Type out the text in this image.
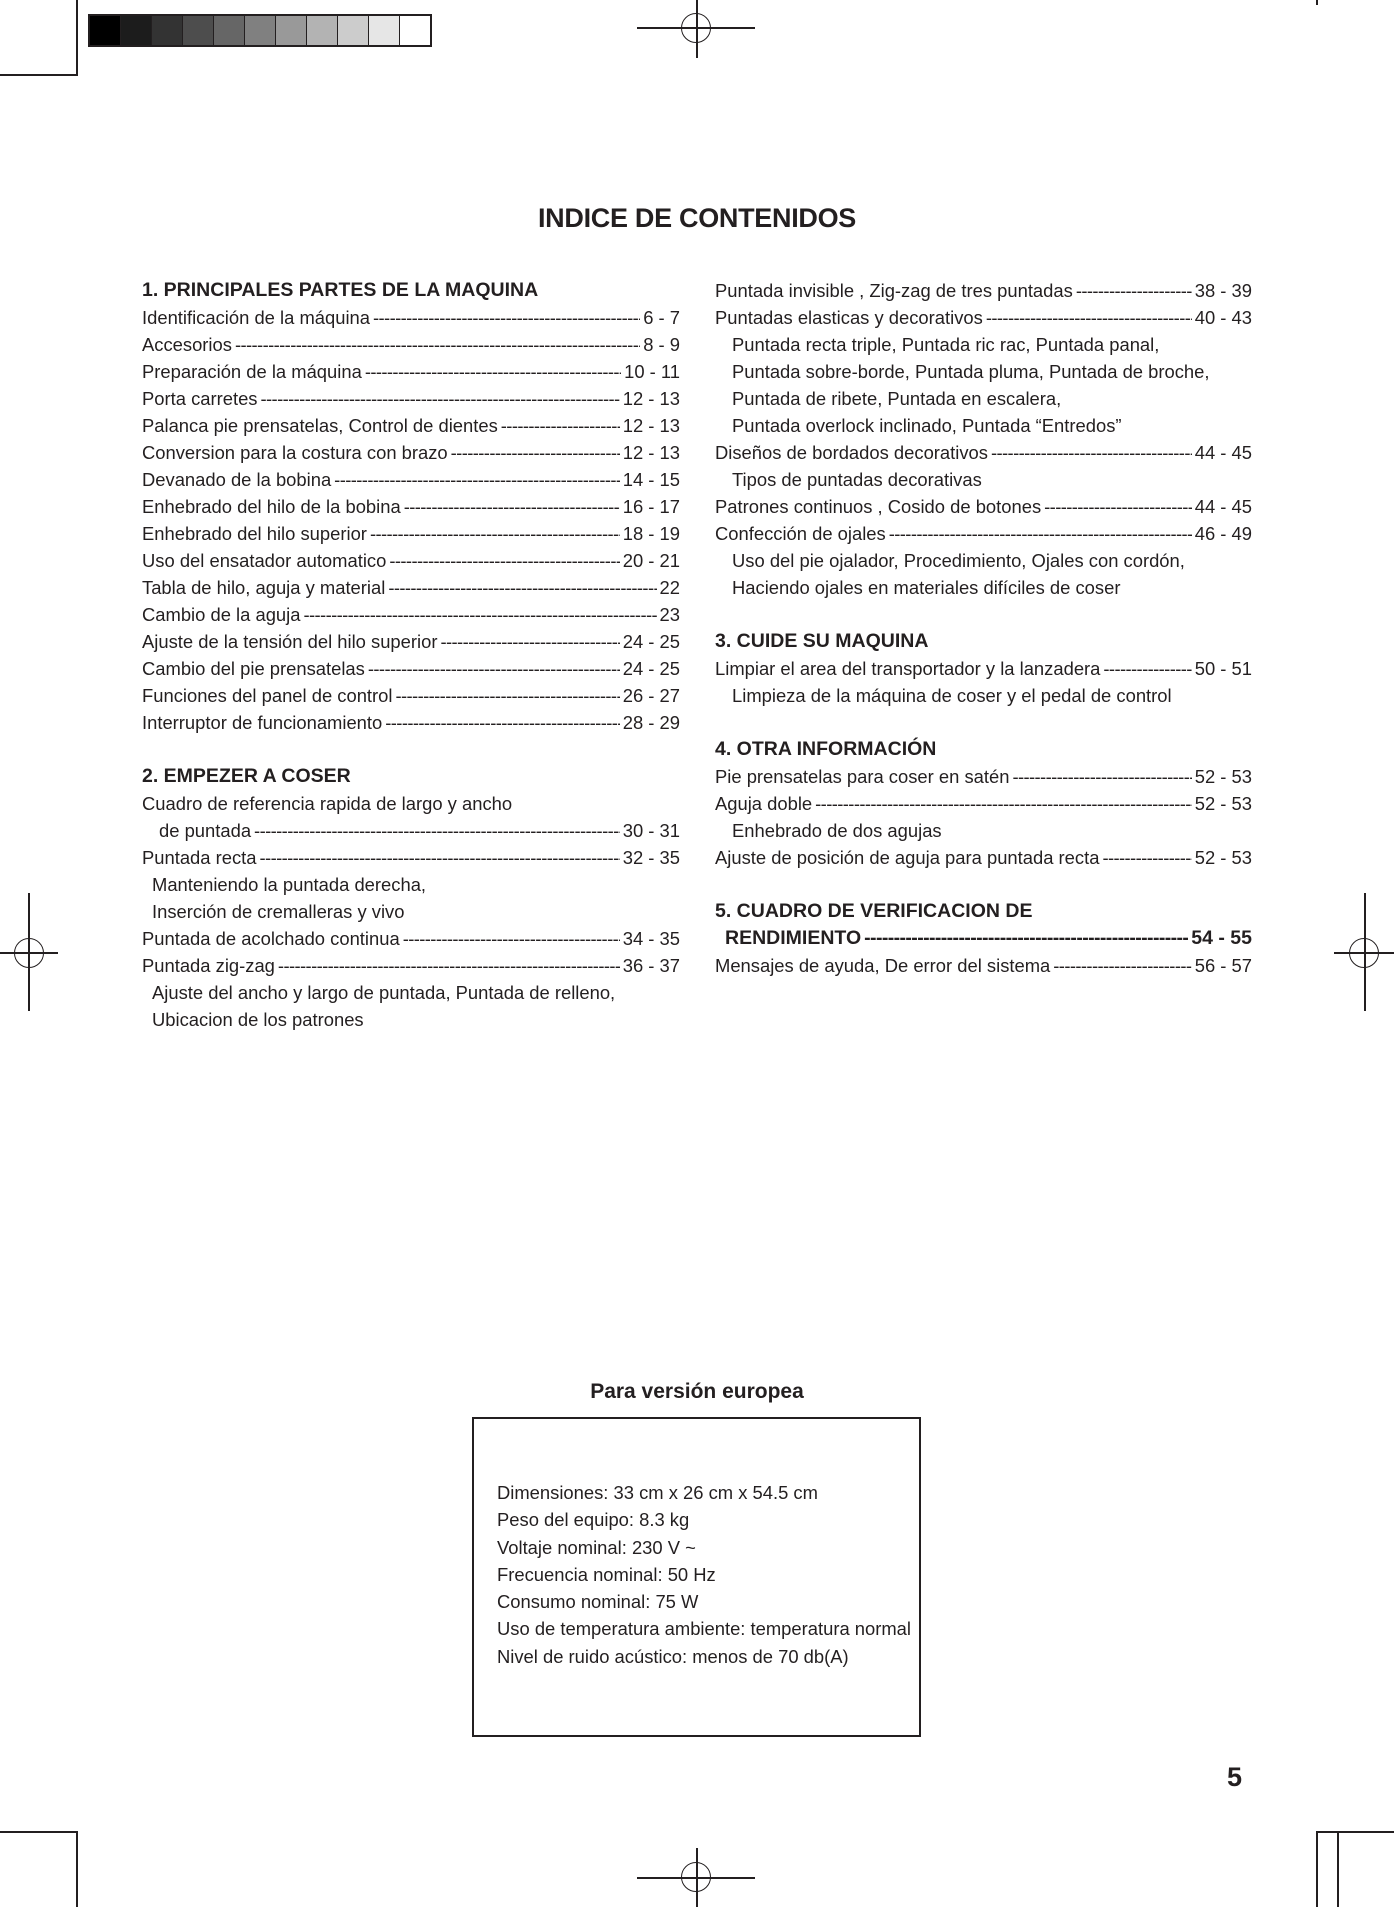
INDICE DE CONTENIDOS
1. PRINCIPALES PARTES DE LA MAQUINA
Identificación de la máquina -----	6 - 7
Accesorios -----	8 - 9
Preparación de la máquina -----	10 - 11
Porta carretes -----	12 - 13
Palanca pie prensatelas, Control de dientes -----	12 - 13
Conversion para la costura con brazo -----	12 - 13
Devanado de la bobina -----	14 - 15
Enhebrado del hilo de la bobina -----	16 - 17
Enhebrado del hilo superior -----	18 - 19
Uso del ensatador automatico -----	20 - 21
Tabla de hilo, aguja y material -----	22
Cambio de la aguja -----	23
Ajuste de la tensión del hilo superior -----	24 - 25
Cambio del pie prensatelas -----	24 - 25
Funciones del panel de control -----	26 - 27
Interruptor de funcionamiento -----	28 - 29
2. EMPEZER A COSER
Cuadro de referencia rapida de largo y ancho
de puntada -----	30 - 31
Puntada recta -----	32 - 35
Manteniendo la puntada derecha,
Inserción de cremalleras y vivo
Puntada de acolchado continua -----	34 - 35
Puntada zig-zag -----	36 - 37
Ajuste del ancho y largo de puntada, Puntada de relleno,
Ubicacion de los patrones
Puntada invisible , Zig-zag de tres puntadas -----	38 - 39
Puntadas elasticas y decorativos -----	40 - 43
Puntada recta triple, Puntada ric rac, Puntada panal,
Puntada sobre-borde, Puntada pluma, Puntada de broche,
Puntada de ribete, Puntada en escalera,
Puntada overlock inclinado, Puntada “Entredos”
Diseños de bordados decorativos -----	44 - 45
Tipos de puntadas decorativas
Patrones continuos , Cosido de botones -----	44 - 45
Confección de ojales -----	46 - 49
Uso del pie ojalador, Procedimiento, Ojales con cordón,
Haciendo ojales en materiales difíciles de coser
3. CUIDE SU MAQUINA
Limpiar el area del transportador y la lanzadera -----	50 - 51
Limpieza de la máquina de coser y el pedal de control
4. OTRA INFORMACIÓN
Pie prensatelas para coser en satén -----	52 - 53
Aguja doble -----	52 - 53
Enhebrado de dos agujas
Ajuste de posición de aguja para puntada recta -----	52 - 53
5. CUADRO DE VERIFICACION DE
RENDIMIENTO -----	54 - 55
Mensajes de ayuda, De error del sistema -----	56 - 57
Para versión europea
Dimensiones: 33 cm x 26 cm x 54.5 cm
Peso del equipo: 8.3 kg
Voltaje nominal: 230 V ~
Frecuencia nominal: 50 Hz
Consumo nominal: 75 W
Uso de temperatura ambiente: temperatura normal
Nivel de ruido acústico: menos de 70 db(A)
5
